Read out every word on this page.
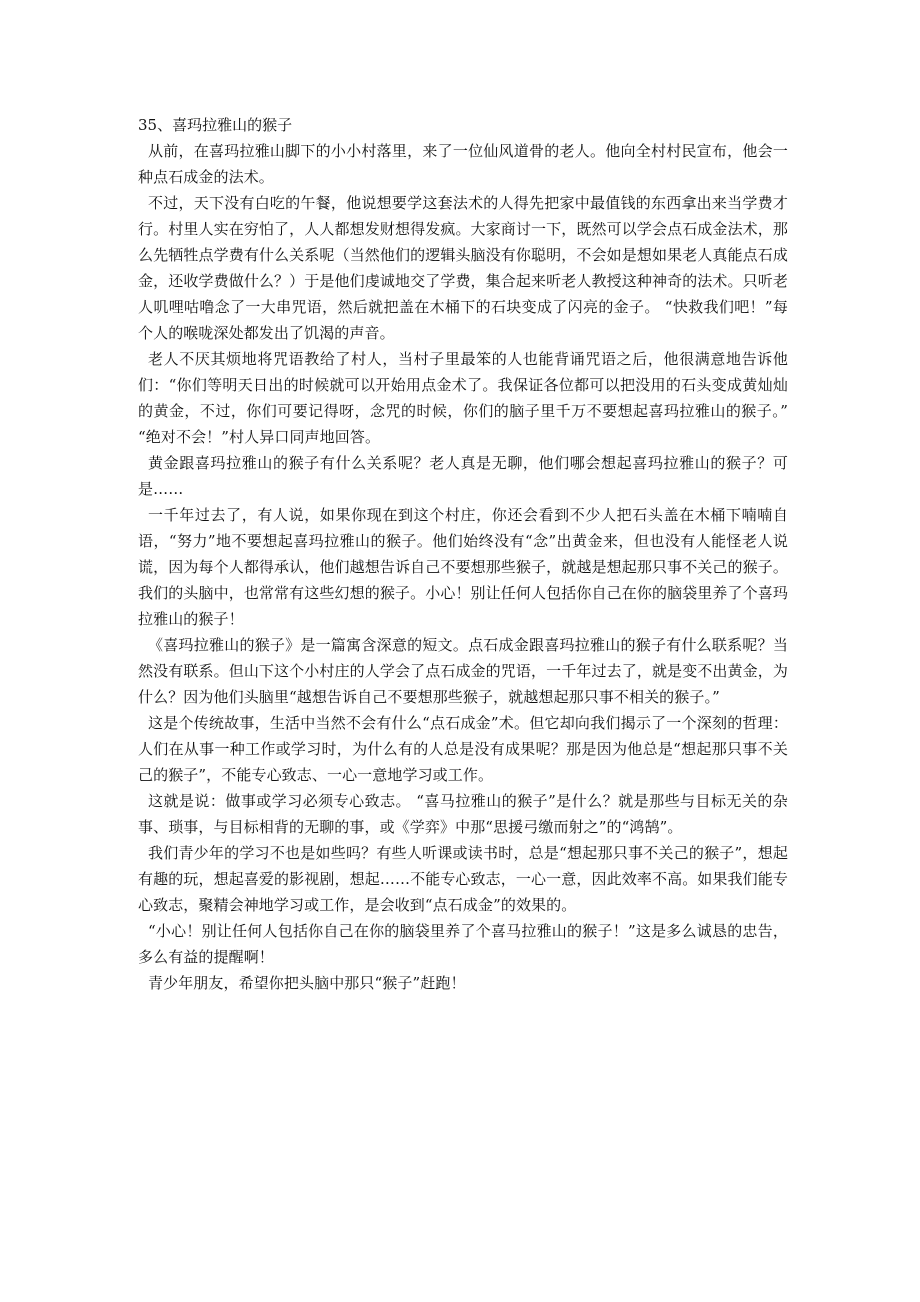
35、喜玛拉雅山的猴子

从前，在喜玛拉雅山脚下的小小村落里，来了一位仙风道骨的老人。他向全村村民宣布，他会一种点石成金的法术。

不过，天下没有白吃的午餐，他说想要学这套法术的人得先把家中最值钱的东西拿出来当学费才行。村里人实在穷怕了，人人都想发财想得发疯。大家商讨一下，既然可以学会点石成金法术，那么先牺牲点学费有什么关系呢（当然他们的逻辑头脑没有你聪明，不会如是想如果老人真能点石成金，还收学费做什么？）于是他们虔诚地交了学费，集合起来听老人教授这种神奇的法术。只听老人叽哩咕噜念了一大串咒语，然后就把盖在木桶下的石块变成了闪亮的金子。 “快救我们吧！”每个人的喉咙深处都发出了饥渴的声音。

老人不厌其烦地将咒语教给了村人，当村子里最笨的人也能背诵咒语之后，他很满意地告诉他们：“你们等明天日出的时候就可以开始用点金术了。我保证各位都可以把没用的石头变成黄灿灿的黄金，不过，你们可要记得呀，念咒的时候，你们的脑子里千万不要想起喜玛拉雅山的猴子。” “绝对不会！”村人异口同声地回答。

黄金跟喜玛拉雅山的猴子有什么关系呢？老人真是无聊，他们哪会想起喜玛拉雅山的猴子？可是……

一千年过去了，有人说，如果你现在到这个村庄，你还会看到不少人把石头盖在木桶下喃喃自语，“努力”地不要想起喜玛拉雅山的猴子。他们始终没有“念”出黄金来，但也没有人能怪老人说谎，因为每个人都得承认，他们越想告诉自己不要想那些猴子，就越是想起那只事不关己的猴子。我们的头脑中，也常常有这些幻想的猴子。小心！别让任何人包括你自己在你的脑袋里养了个喜玛拉雅山的猴子！

《喜玛拉雅山的猴子》是一篇寓含深意的短文。点石成金跟喜玛拉雅山的猴子有什么联系呢？当然没有联系。但山下这个小村庄的人学会了点石成金的咒语，一千年过去了，就是变不出黄金，为什么？因为他们头脑里“越想告诉自己不要想那些猴子，就越想起那只事不相关的猴子。”

这是个传统故事，生活中当然不会有什么“点石成金”术。但它却向我们揭示了一个深刻的哲理：人们在从事一种工作或学习时，为什么有的人总是没有成果呢？那是因为他总是“想起那只事不关己的猴子”，不能专心致志、一心一意地学习或工作。

这就是说：做事或学习必须专心致志。 “喜马拉雅山的猴子”是什么？就是那些与目标无关的杂事、琐事，与目标相背的无聊的事，或《学弈》中那“思援弓缴而射之”的“鸿鹄”。

我们青少年的学习不也是如些吗？有些人听课或读书时，总是“想起那只事不关己的猴子”，想起有趣的玩，想起喜爱的影视剧，想起……不能专心致志，一心一意，因此效率不高。如果我们能专心致志，聚精会神地学习或工作，是会收到“点石成金”的效果的。

“小心！别让任何人包括你自己在你的脑袋里养了个喜马拉雅山的猴子！”这是多么诚恳的忠告，多么有益的提醒啊！

青少年朋友，希望你把头脑中那只“猴子”赶跑！
